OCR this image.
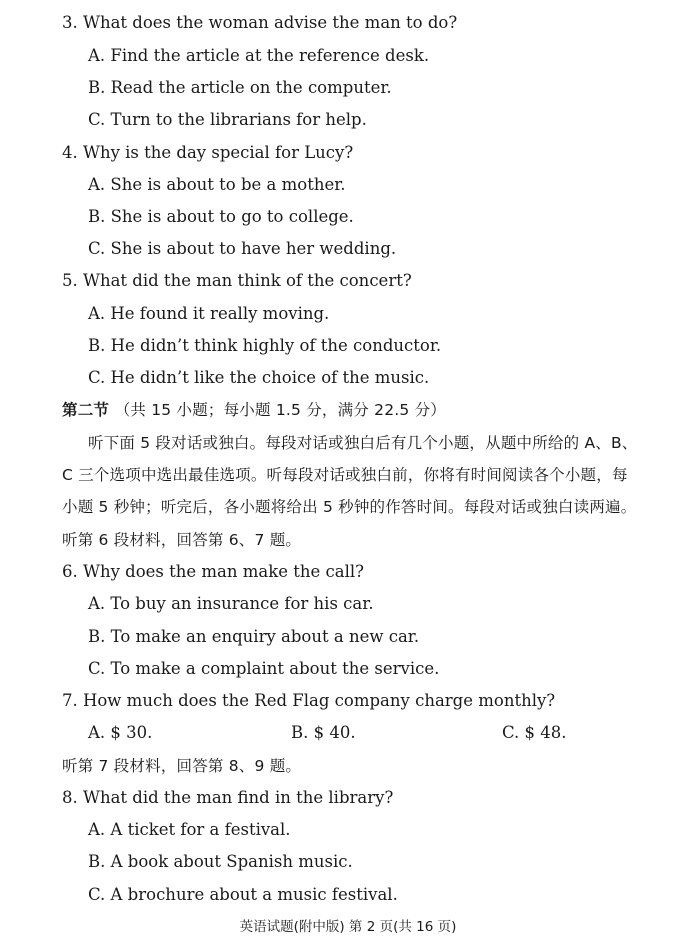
3. What does the woman advise the man to do?
A. Find the article at the reference desk.
B. Read the article on the computer.
C. Turn to the librarians for help.
4. Why is the day special for Lucy?
A. She is about to be a mother.
B. She is about to go to college.
C. She is about to have her wedding.
5. What did the man think of the concert?
A. He found it really moving.
B. He didn’t think highly of the conductor.
C. He didn’t like the choice of the music.
第二节 （共 15 小题；每小题 1.5 分，满分 22.5 分）
听下面 5 段对话或独白。每段对话或独白后有几个小题，从题中所给的 A、B、
C 三个选项中选出最佳选项。听每段对话或独白前，你将有时间阅读各个小题，每
小题 5 秒钟；听完后，各小题将给出 5 秒钟的作答时间。每段对话或独白读两遍。
听第 6 段材料，回答第 6、7 题。
6. Why does the man make the call?
A. To buy an insurance for his car.
B. To make an enquiry about a new car.
C. To make a complaint about the service.
7. How much does the Red Flag company charge monthly?
A. $ 30.	B. $ 40.	C. $ 48.
听第 7 段材料，回答第 8、9 题。
8. What did the man find in the library?
A. A ticket for a festival.
B. A book about Spanish music.
C. A brochure about a music festival.
英语试题(附中版) 第 2 页(共 16 页)
